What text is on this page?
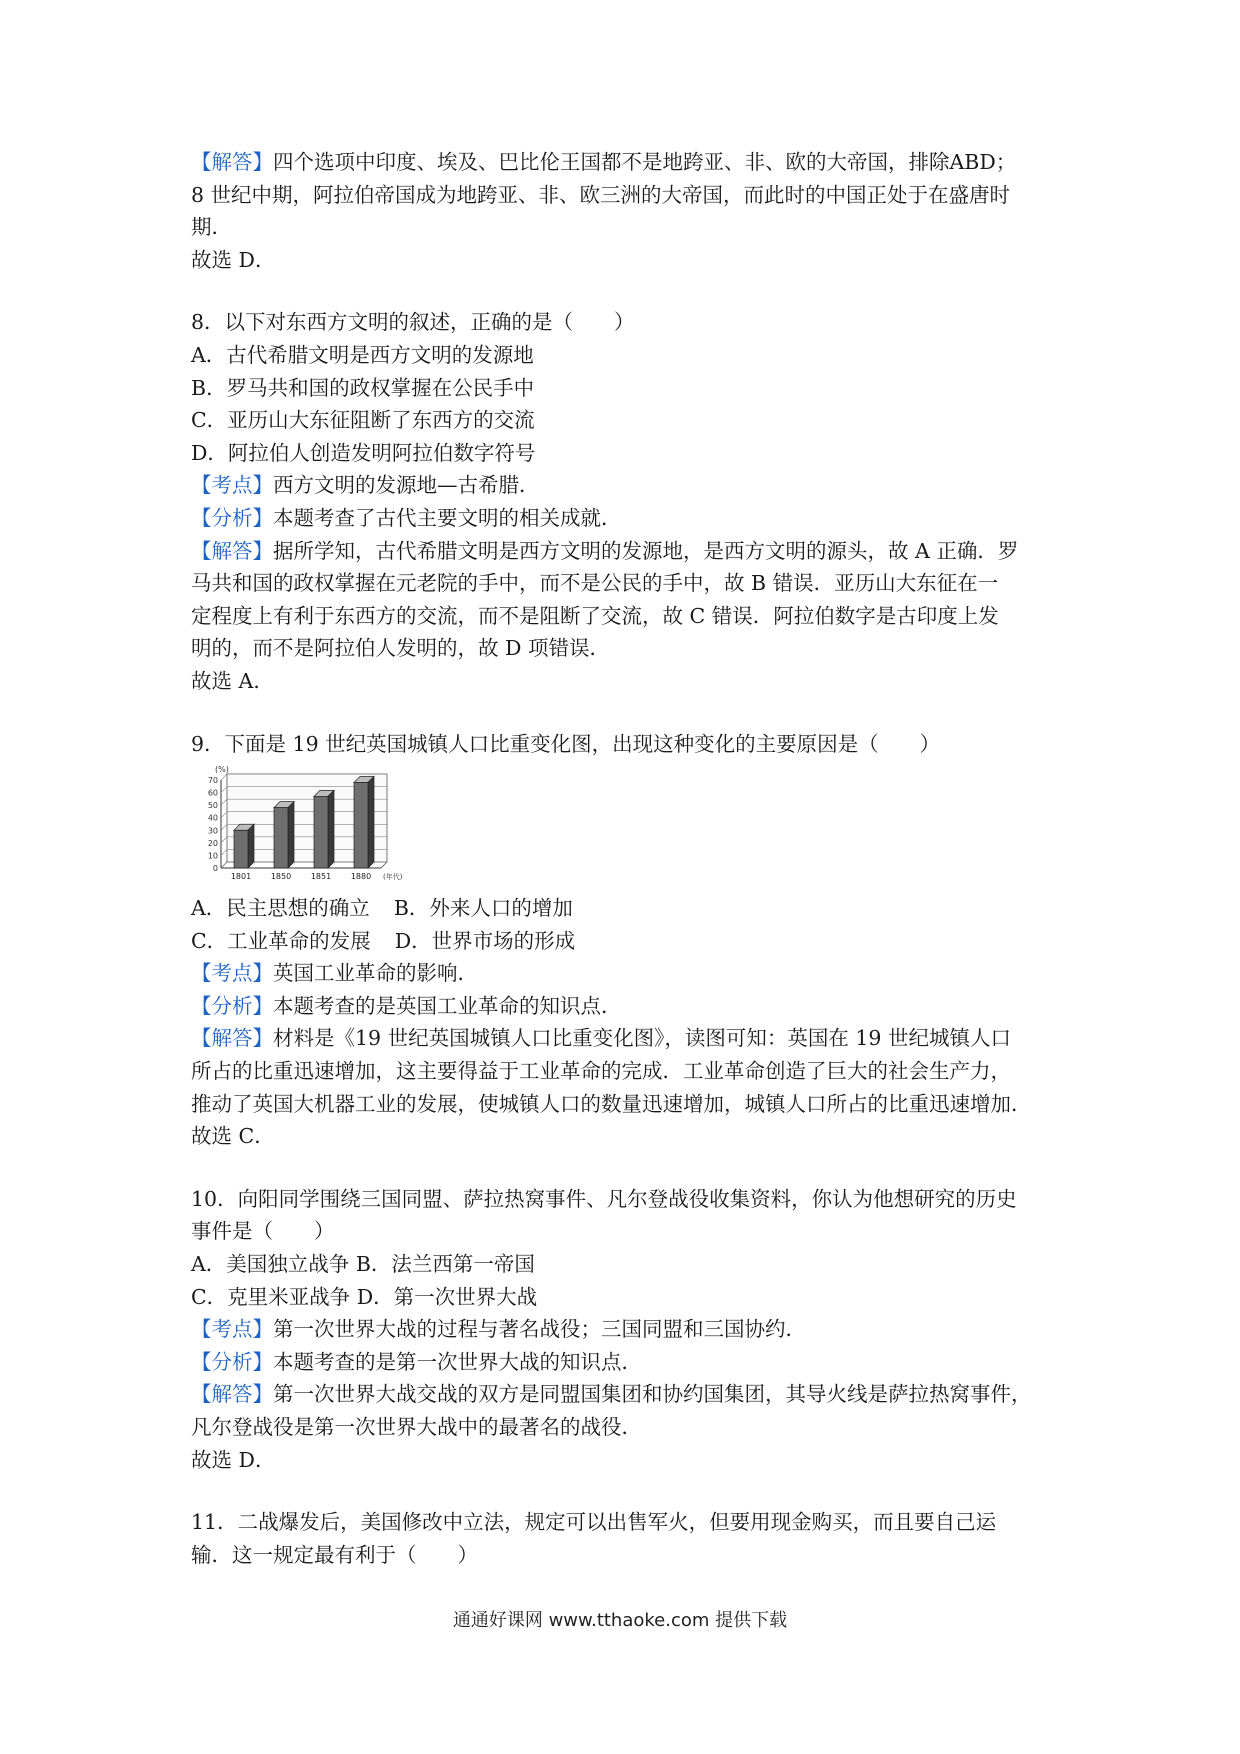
【解答】四个选项中印度、埃及、巴比伦王国都不是地跨亚、非、欧的大帝国，排除ABD；
8 世纪中期，阿拉伯帝国成为地跨亚、非、欧三洲的大帝国，而此时的中国正处于在盛唐时
期．
故选 D．
8．以下对东西方文明的叙述，正确的是（　　）
A．古代希腊文明是西方文明的发源地
B．罗马共和国的政权掌握在公民手中
C．亚历山大东征阻断了东西方的交流
D．阿拉伯人创造发明阿拉伯数字符号
【考点】西方文明的发源地—古希腊．
【分析】本题考查了古代主要文明的相关成就．
【解答】据所学知，古代希腊文明是西方文明的发源地，是西方文明的源头，故 A 正确．罗
马共和国的政权掌握在元老院的手中，而不是公民的手中，故 B 错误．亚历山大东征在一
定程度上有利于东西方的交流，而不是阻断了交流，故 C 错误．阿拉伯数字是古印度上发
明的，而不是阿拉伯人发明的，故 D 项错误．
故选 A．
9．下面是 19 世纪英国城镇人口比重变化图，出现这种变化的主要原因是（　　）
0
10
20
30
40
50
60
70
(%)
1801 1850 1851 1880 (年代)
A．民主思想的确立 B．外来人口的增加
C．工业革命的发展 D．世界市场的形成
【考点】英国工业革命的影响．
【分析】本题考查的是英国工业革命的知识点．
【解答】材料是《19 世纪英国城镇人口比重变化图》，读图可知：英国在 19 世纪城镇人口
所占的比重迅速增加，这主要得益于工业革命的完成．工业革命创造了巨大的社会生产力，
推动了英国大机器工业的发展，使城镇人口的数量迅速增加，城镇人口所占的比重迅速增加．
故选 C．
10．向阳同学围绕三国同盟、萨拉热窝事件、凡尔登战役收集资料，你认为他想研究的历史
事件是（　　）
A．美国独立战争 B．法兰西第一帝国
C．克里米亚战争 D．第一次世界大战
【考点】第一次世界大战的过程与著名战役；三国同盟和三国协约．
【分析】本题考查的是第一次世界大战的知识点．
【解答】第一次世界大战交战的双方是同盟国集团和协约国集团，其导火线是萨拉热窝事件，
凡尔登战役是第一次世界大战中的最著名的战役．
故选 D．
11．二战爆发后，美国修改中立法，规定可以出售军火，但要用现金购买，而且要自己运
输．这一规定最有利于（　　）
通通好课网 www.tthaoke.com 提供下载
